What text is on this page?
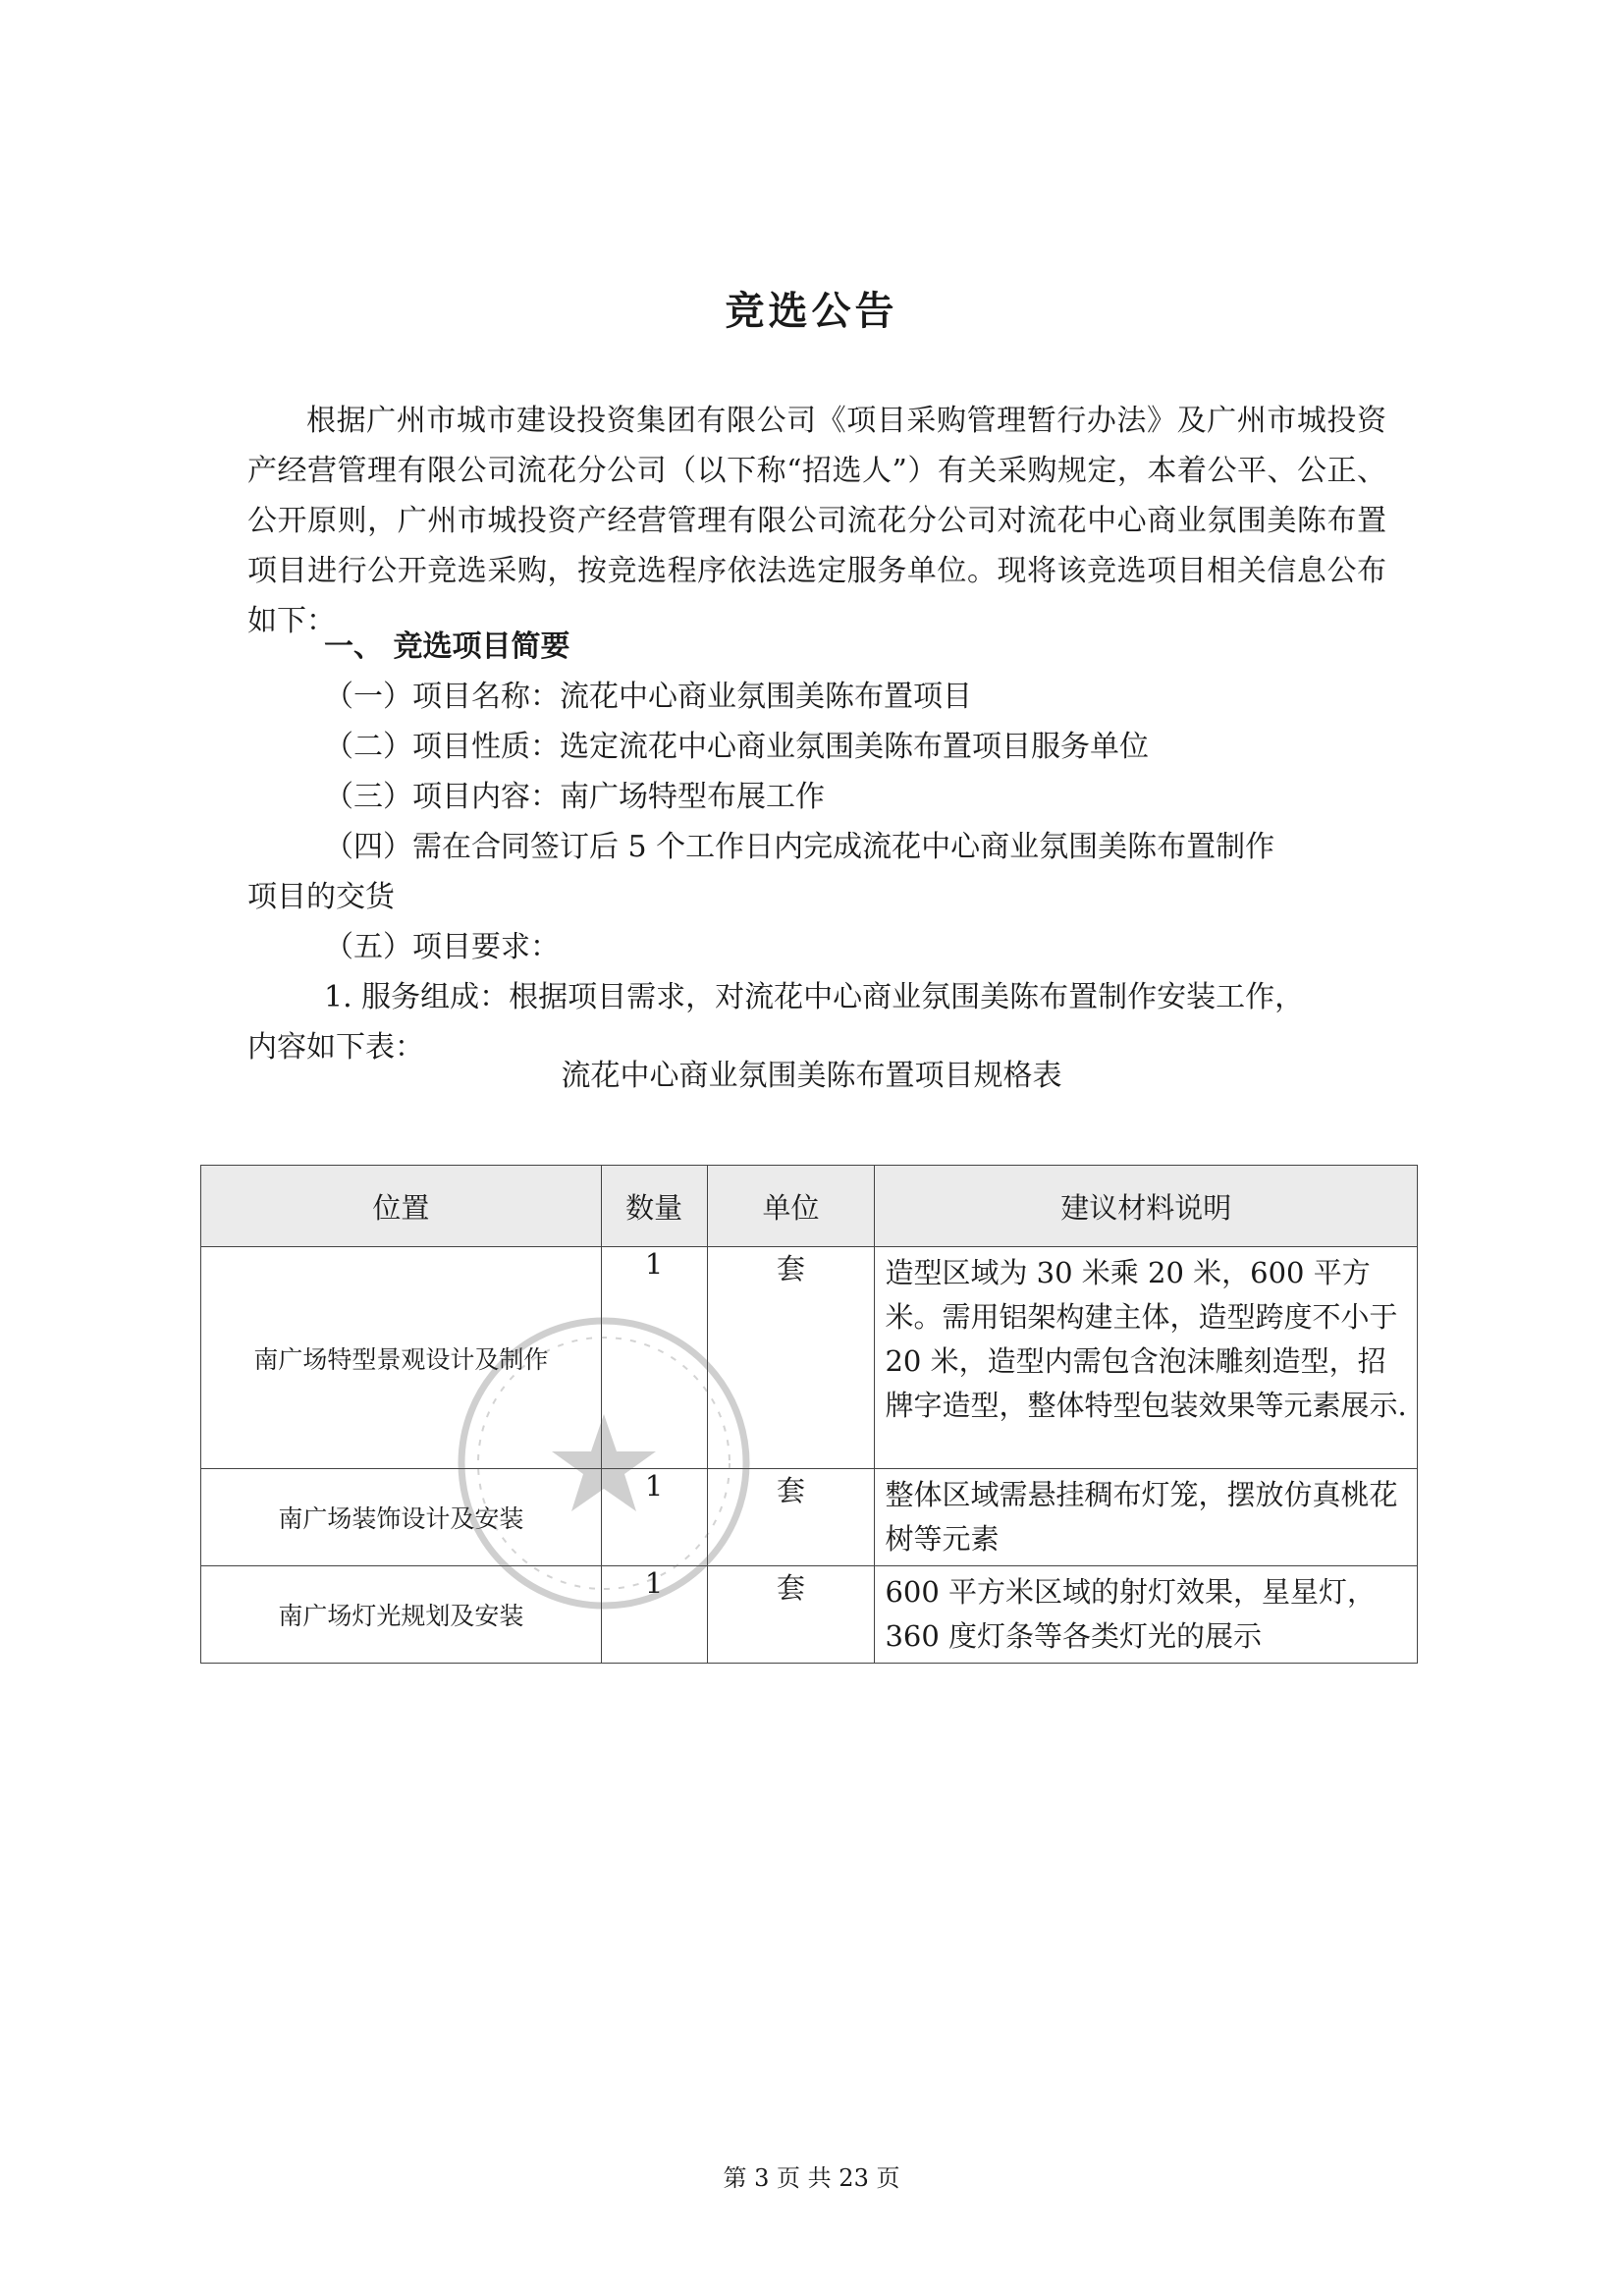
竞选公告

根据广州市城市建设投资集团有限公司《项目采购管理暂行办法》及广州市城投资产经营管理有限公司流花分公司（以下称“招选人”）有关采购规定，本着公平、公正、公开原则，广州市城投资产经营管理有限公司流花分公司对流花中心商业氛围美陈布置项目进行公开竞选采购，按竞选程序依法选定服务单位。现将该竞选项目相关信息公布如下：

一、 竞选项目简要
（一）项目名称：流花中心商业氛围美陈布置项目
（二）项目性质：选定流花中心商业氛围美陈布置项目服务单位
（三）项目内容：南广场特型布展工作
（四）需在合同签订后 5 个工作日内完成流花中心商业氛围美陈布置制作
项目的交货
（五）项目要求：
1. 服务组成：根据项目需求，对流花中心商业氛围美陈布置制作安装工作，
内容如下表：
流花中心商业氛围美陈布置项目规格表
位置	数量	单位	建议材料说明
南广场特型景观设计及制作	1	套	造型区域为 30 米乘 20 米，600 平方米。需用铝架构建主体，造型跨度不小于 20 米，造型内需包含泡沫雕刻造型，招牌字造型，整体特型包装效果等元素展示.
南广场装饰设计及安装	1	套	整体区域需悬挂稠布灯笼，摆放仿真桃花树等元素
南广场灯光规划及安装	1	套	600 平方米区域的射灯效果，星星灯，360 度灯条等各类灯光的展示
第 3 页 共 23 页
